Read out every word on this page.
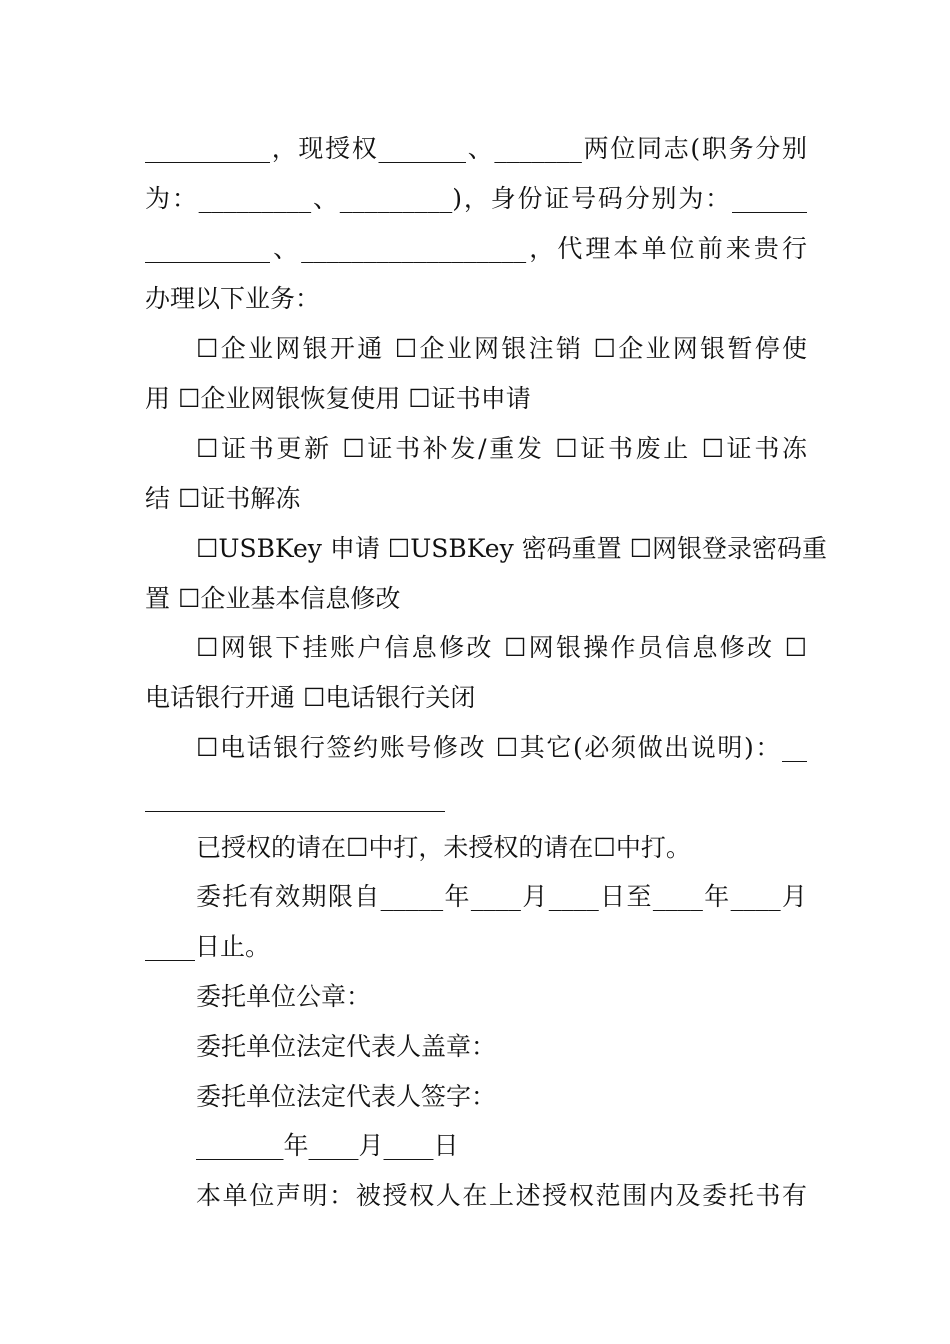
__________，现授权_______、_______两位同志(职务分别
为：_________、_________)，身份证号码分别为：______
__________、__________________，代理本单位前来贵行
办理以下业务：
☐企业网银开通 ☐企业网银注销 ☐企业网银暂停使
用 ☐企业网银恢复使用 ☐证书申请
☐证书更新 ☐证书补发/重发 ☐证书废止 ☐证书冻
结 ☐证书解冻
☐USBKey 申请 ☐USBKey 密码重置 ☐网银登录密码重
置 ☐企业基本信息修改
☐网银下挂账户信息修改 ☐网银操作员信息修改 ☐
电话银行开通 ☐电话银行关闭
☐电话银行签约账号修改 ☐其它(必须做出说明)：__
________________________
已授权的请在☐中打，未授权的请在☐中打。
委托有效期限自_____年____月____日至____年____月
____日止。
委托单位公章：
委托单位法定代表人盖章：
委托单位法定代表人签字：
_______年____月____日
本单位声明：被授权人在上述授权范围内及委托书有
